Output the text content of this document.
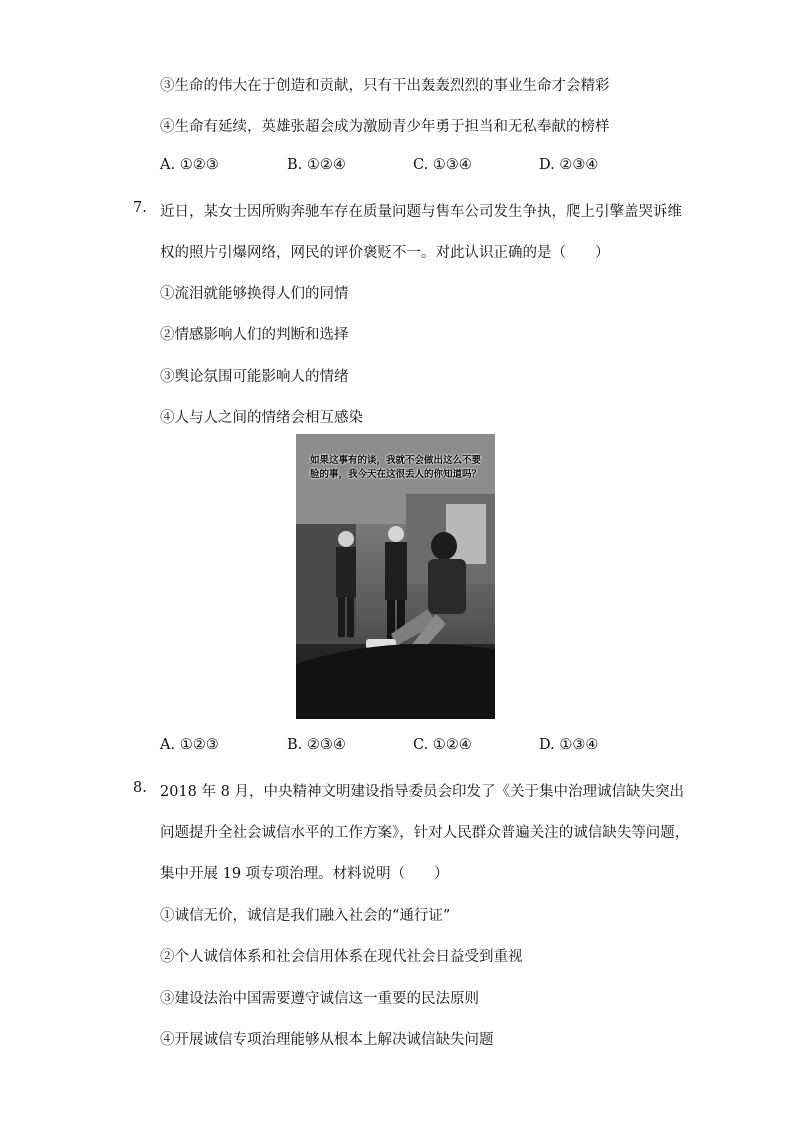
③生命的伟大在于创造和贡献，只有干出轰轰烈烈的事业生命才会精彩
④生命有延续，英雄张超会成为激励青少年勇于担当和无私奉献的榜样
A. ①②③	B. ①②④	C. ①③④	D. ②③④
7. 近日，某女士因所购奔驰车存在质量问题与售车公司发生争执，爬上引擎盖哭诉维
权的照片引爆网络，网民的评价褒贬不一。对此认识正确的是（　　）
①流泪就能够换得人们的同情
②情感影响人们的判断和选择
③舆论氛围可能影响人的情绪
④人与人之间的情绪会相互感染
如果这事有的谈，我就不会做出这么不要脸的事，我今天在这很丢人的你知道吗？
A. ①②③	B. ②③④	C. ①②④	D. ①③④
8. 2018 年 8 月，中央精神文明建设指导委员会印发了《关于集中治理诚信缺失突出
问题提升全社会诚信水平的工作方案》，针对人民群众普遍关注的诚信缺失等问题，
集中开展 19 项专项治理。材料说明（　　）
①诚信无价，诚信是我们融入社会的“通行证”
②个人诚信体系和社会信用体系在现代社会日益受到重视
③建设法治中国需要遵守诚信这一重要的民法原则
④开展诚信专项治理能够从根本上解决诚信缺失问题
